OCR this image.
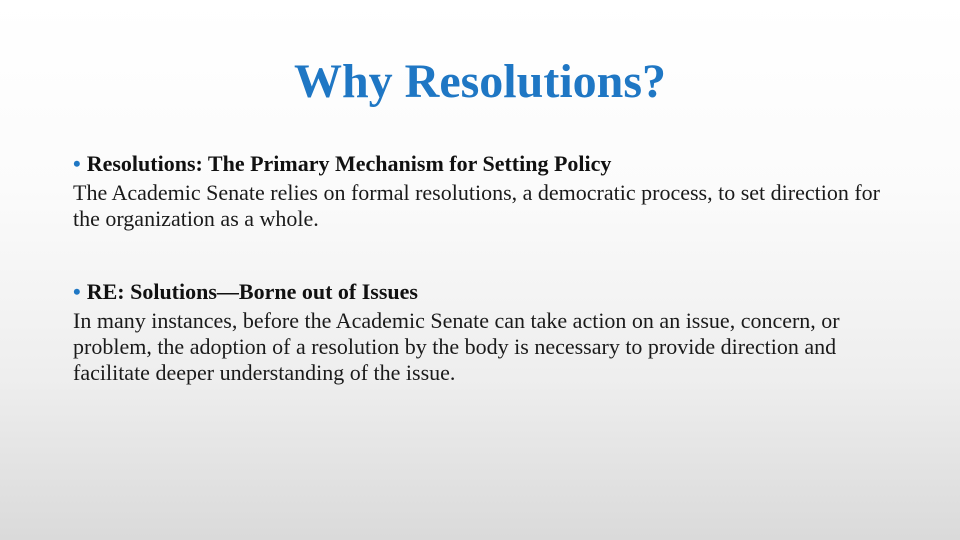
Why Resolutions?
• Resolutions: The Primary Mechanism for Setting Policy

The Academic Senate relies on formal resolutions, a democratic process, to set direction for the organization as a whole.

• RE: Solutions—Borne out of Issues

In many instances, before the Academic Senate can take action on an issue, concern, or problem, the adoption of a resolution by the body is necessary to provide direction and facilitate deeper understanding of the issue.
